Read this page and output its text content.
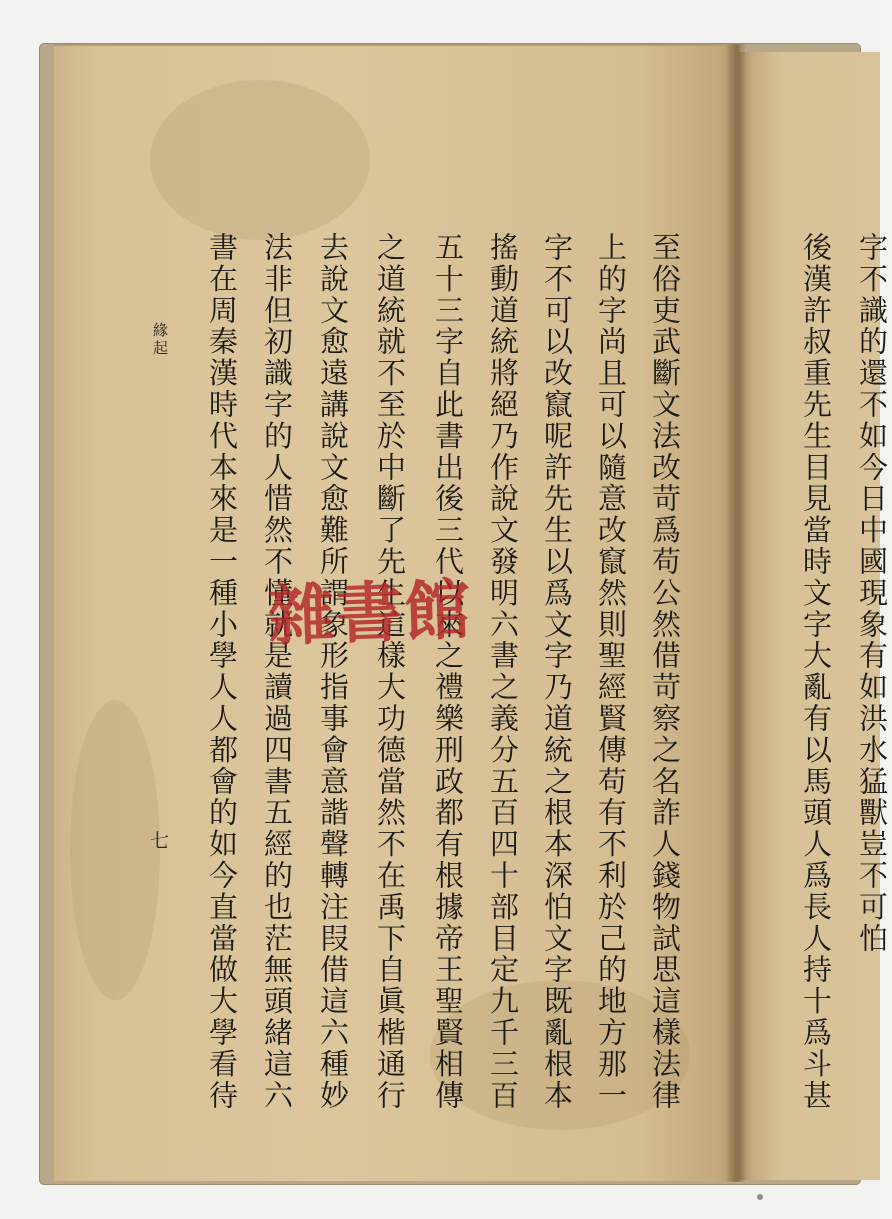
字不識的還不如今日中國現象有如洪水猛獸豈不可怕
後漢許叔重先生目見當時文字大亂有以馬頭人爲長人持十爲斗甚
至俗吏武斷文法改苛爲苟公然借苛察之名詐人錢物試思這樣法律
上的字尚且可以隨意改竄然則聖經賢傳苟有不利於己的地方那一
字不可以改竄呢許先生以爲文字乃道統之根本深怕文字既亂根本
搖動道統將絕乃作說文發明六書之義分五百四十部目定九千三百
五十三字自此書出後三代以來之禮樂刑政都有根據帝王聖賢相傳
之道統就不至於中斷了先生這樣大功德當然不在禹下自眞楷通行
去說文愈遠講說文愈難所謂象形指事會意諧聲轉注叚借這六種妙
法非但初識字的人惜然不懂就是讀過四書五經的也茫無頭緒這六
書在周秦漢時代本來是一種小學人人都會的如今直當做大學看待
緣起
七
雜書館
